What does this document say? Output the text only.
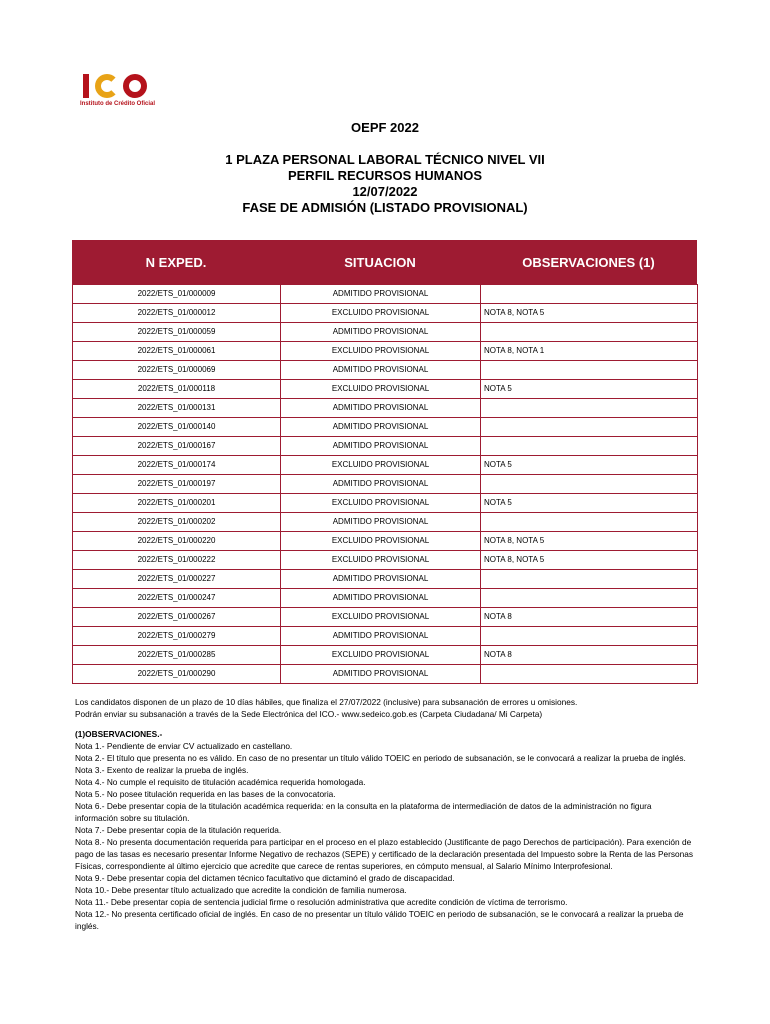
Instituto de Crédito Oficial
OEPF 2022
1 PLAZA PERSONAL LABORAL TÉCNICO NIVEL VII
PERFIL RECURSOS HUMANOS
12/07/2022
FASE DE ADMISIÓN (LISTADO PROVISIONAL)
N EXPED.	SITUACION	OBSERVACIONES (1)
2022/ETS_01/000009	ADMITIDO PROVISIONAL	
2022/ETS_01/000012	EXCLUIDO PROVISIONAL	NOTA 8, NOTA 5
2022/ETS_01/000059	ADMITIDO PROVISIONAL	
2022/ETS_01/000061	EXCLUIDO PROVISIONAL	NOTA 8, NOTA 1
2022/ETS_01/000069	ADMITIDO PROVISIONAL	
2022/ETS_01/000118	EXCLUIDO PROVISIONAL	NOTA 5
2022/ETS_01/000131	ADMITIDO PROVISIONAL	
2022/ETS_01/000140	ADMITIDO PROVISIONAL	
2022/ETS_01/000167	ADMITIDO PROVISIONAL	
2022/ETS_01/000174	EXCLUIDO PROVISIONAL	NOTA 5
2022/ETS_01/000197	ADMITIDO PROVISIONAL	
2022/ETS_01/000201	EXCLUIDO PROVISIONAL	NOTA 5
2022/ETS_01/000202	ADMITIDO PROVISIONAL	
2022/ETS_01/000220	EXCLUIDO PROVISIONAL	NOTA 8, NOTA 5
2022/ETS_01/000222	EXCLUIDO PROVISIONAL	NOTA 8, NOTA 5
2022/ETS_01/000227	ADMITIDO PROVISIONAL	
2022/ETS_01/000247	ADMITIDO PROVISIONAL	
2022/ETS_01/000267	EXCLUIDO PROVISIONAL	NOTA 8
2022/ETS_01/000279	ADMITIDO PROVISIONAL	
2022/ETS_01/000285	EXCLUIDO PROVISIONAL	NOTA 8
2022/ETS_01/000290	ADMITIDO PROVISIONAL	
Los candidatos disponen de un plazo de 10 días hábiles, que finaliza el 27/07/2022 (inclusive) para subsanación de errores u omisiones.
Podrán enviar su subsanación a través de la Sede Electrónica del ICO.- www.sedeico.gob.es (Carpeta Ciudadana/ Mi Carpeta)
(1)OBSERVACIONES.-
Nota 1.- Pendiente de enviar CV actualizado en castellano.
Nota 2.- El título que presenta no es válido. En caso de no presentar un título válido TOEIC en periodo de subsanación, se le convocará a realizar la prueba de inglés.
Nota 3.- Exento de realizar la prueba de inglés.
Nota 4.- No cumple el requisito de titulación académica requerida homologada.
Nota 5.- No posee titulación requerida en las bases de la convocatoria.
Nota 6.- Debe presentar copia de la titulación académica requerida: en la consulta en la plataforma de intermediación de datos de la administración no figura información sobre su titulación.
Nota 7.- Debe presentar copia de la titulación requerida.
Nota 8.- No presenta documentación requerida para participar en el proceso en el plazo establecido (Justificante de pago Derechos de participación). Para exención de pago de las tasas es necesario presentar Informe Negativo de rechazos (SEPE) y certificado de la declaración presentada del Impuesto sobre la Renta de las Personas Físicas, correspondiente al último ejercicio que acredite que carece de rentas superiores, en cómputo mensual, al Salario Mínimo Interprofesional.
Nota 9.- Debe presentar copia del dictamen técnico facultativo que dictaminó el grado de discapacidad.
Nota 10.- Debe presentar título actualizado que acredite la condición de familia numerosa.
Nota 11.- Debe presentar copia de sentencia judicial firme o resolución administrativa que acredite condición de víctima de terrorismo.
Nota 12.- No presenta certificado oficial de inglés. En caso de no presentar un título válido TOEIC en periodo de subsanación, se le convocará a realizar la prueba de inglés.
